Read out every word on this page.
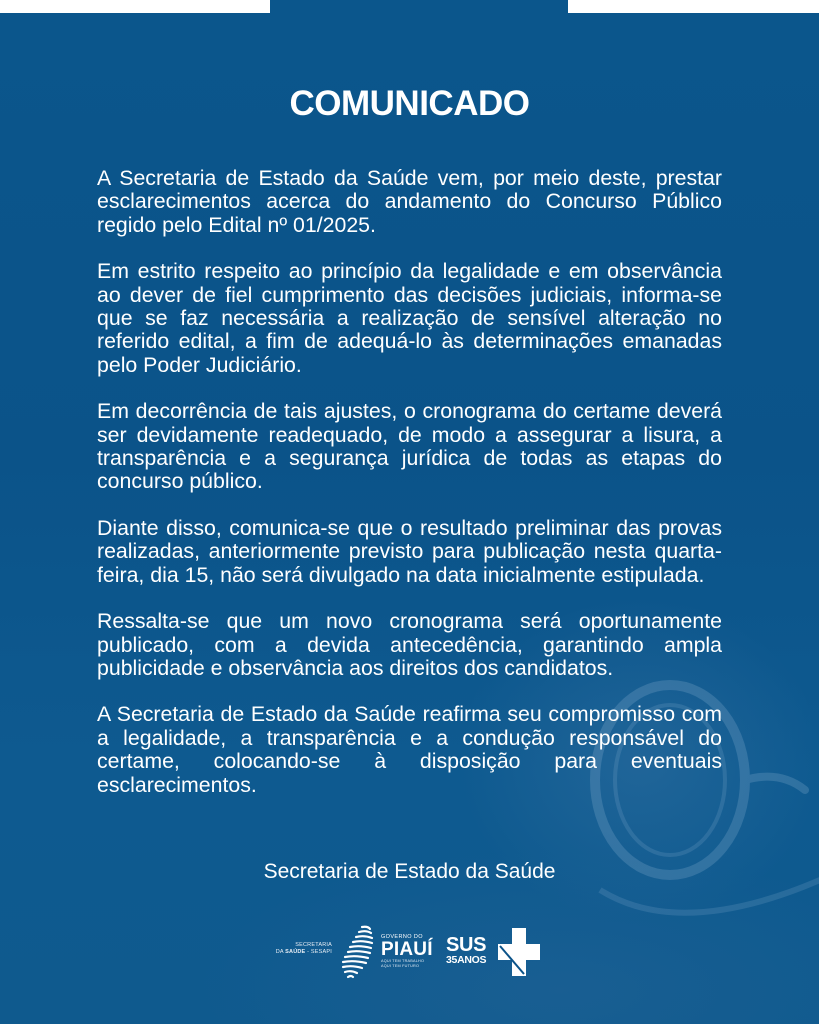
COMUNICADO

A Secretaria de Estado da Saúde vem, por meio deste, prestar esclarecimentos acerca do andamento do Concurso Público regido pelo Edital nº 01/2025.

Em estrito respeito ao princípio da legalidade e em observância ao dever de fiel cumprimento das decisões judiciais, informa-se que se faz necessária a realização de sensível alteração no referido edital, a fim de adequá-lo às determinações emanadas pelo Poder Judiciário.

Em decorrência de tais ajustes, o cronograma do certame deverá ser devidamente readequado, de modo a assegurar a lisura, a transparência e a segurança jurídica de todas as etapas do concurso público.

Diante disso, comunica-se que o resultado preliminar das provas realizadas, anteriormente previsto para publicação nesta quarta-feira, dia 15, não será divulgado na data inicialmente estipulada.

Ressalta-se que um novo cronograma será oportunamente publicado, com a devida antecedência, garantindo ampla publicidade e observância aos direitos dos candidatos.

A Secretaria de Estado da Saúde reafirma seu compromisso com a legalidade, a transparência e a condução responsável do certame, colocando-se à disposição para eventuais esclarecimentos.

Secretaria de Estado da Saúde
SECRETARIA
DA SAÚDE - SESAPI
GOVERNO DO
PIAUÍ
AQUI TEM TRABALHO
AQUI TEM FUTURO
SUS
35ANOS
